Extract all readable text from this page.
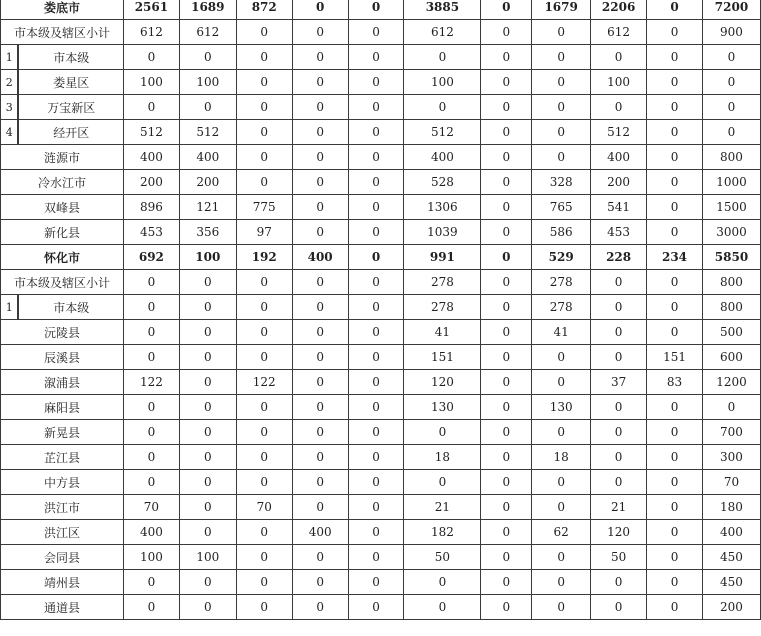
娄底市		2561	1689	872	0	0	3885	0	1679	2206	0	7200
市本级及辖区小计		612	612	0	0	0	612	0	0	612	0	900
1	市本级	0	0	0	0	0	0	0	0	0	0	0
2	娄星区	100	100	0	0	0	100	0	0	100	0	0
3	万宝新区	0	0	0	0	0	0	0	0	0	0	0
4	经开区	512	512	0	0	0	512	0	0	512	0	0
涟源市		400	400	0	0	0	400	0	0	400	0	800
冷水江市		200	200	0	0	0	528	0	328	200	0	1000
双峰县		896	121	775	0	0	1306	0	765	541	0	1500
新化县		453	356	97	0	0	1039	0	586	453	0	3000
怀化市		692	100	192	400	0	991	0	529	228	234	5850
市本级及辖区小计		0	0	0	0	0	278	0	278	0	0	800
1	市本级	0	0	0	0	0	278	0	278	0	0	800
沅陵县		0	0	0	0	0	41	0	41	0	0	500
辰溪县		0	0	0	0	0	151	0	0	0	151	600
溆浦县		122	0	122	0	0	120	0	0	37	83	1200
麻阳县		0	0	0	0	0	130	0	130	0	0	0
新晃县		0	0	0	0	0	0	0	0	0	0	700
芷江县		0	0	0	0	0	18	0	18	0	0	300
中方县		0	0	0	0	0	0	0	0	0	0	70
洪江市		70	0	70	0	0	21	0	0	21	0	180
洪江区		400	0	0	400	0	182	0	62	120	0	400
会同县		100	100	0	0	0	50	0	0	50	0	450
靖州县		0	0	0	0	0	0	0	0	0	0	450
通道县		0	0	0	0	0	0	0	0	0	0	200
